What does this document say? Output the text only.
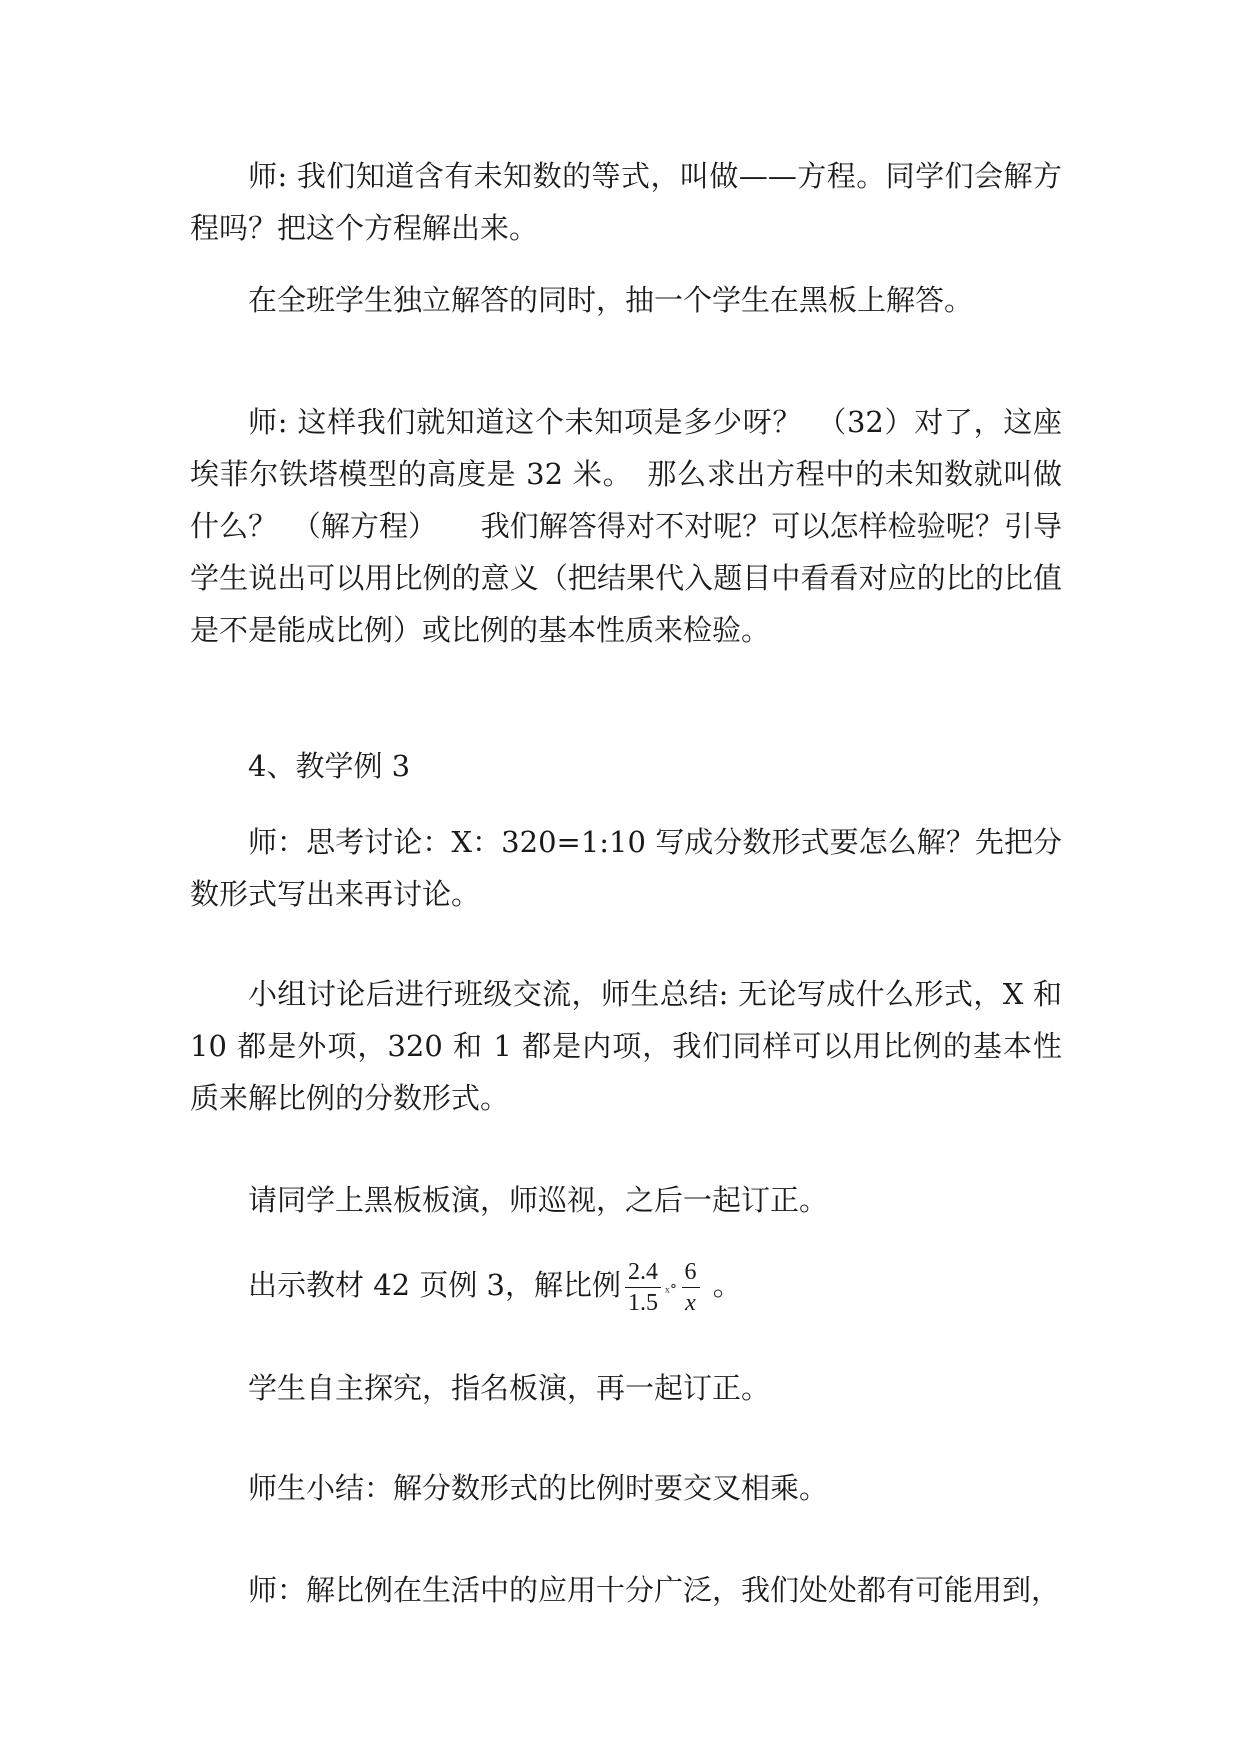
师: 我们知道含有未知数的等式，叫做——方程。同学们会解方程吗？把这个方程解出来。

在全班学生独立解答的同时，抽一个学生在黑板上解答。

师: 这样我们就知道这个未知项是多少呀？　（32）对了，这座埃菲尔铁塔模型的高度是 32 米。　那么求出方程中的未知数就叫做什么？　（解方程）　　我们解答得对不对呢？可以怎样检验呢？引导学生说出可以用比例的意义（把结果代入题目中看看对应的比的比值是不是能成比例）或比例的基本性质来检验。

4、教学例 3

师：思考讨论：X：320=1:10 写成分数形式要怎么解？先把分数形式写出来再讨论。

小组讨论后进行班级交流，师生总结: 无论写成什么形式，X 和 10 都是外项，320 和 1 都是内项，我们同样可以用比例的基本性质来解比例的分数形式。

请同学上黑板板演，师巡视，之后一起订正。

出示教材 42 页例 3，解比例 $\frac{2.4}{1.5}$ ₓ∘ $\frac{6}{x}$ 。

学生自主探究，指名板演，再一起订正。

师生小结：解分数形式的比例时要交叉相乘。

师：解比例在生活中的应用十分广泛，我们处处都有可能用到，
